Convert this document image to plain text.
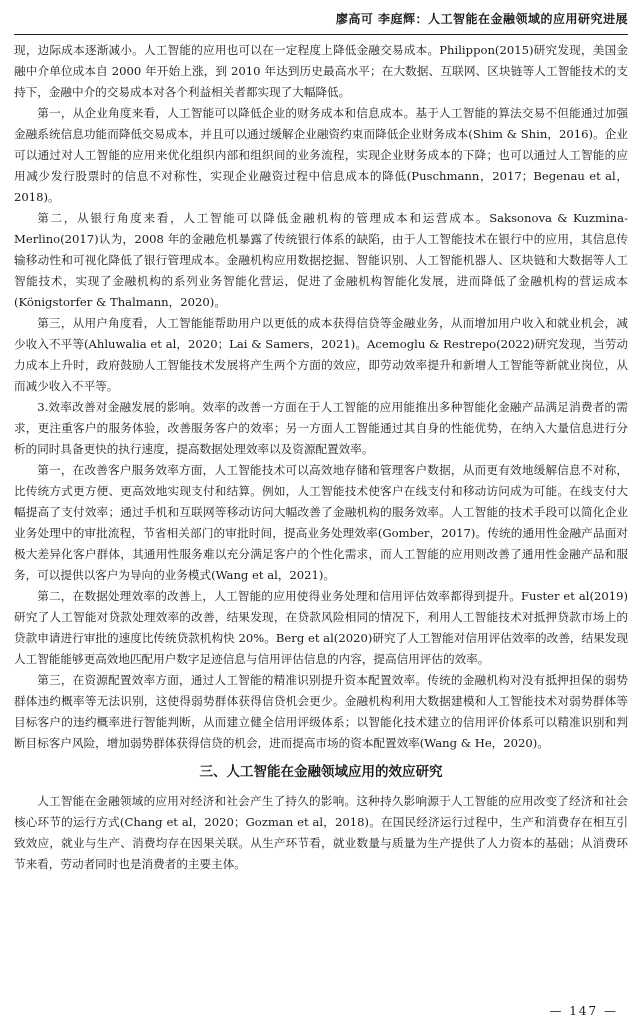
廖高可 李庭辉：人工智能在金融领域的应用研究进展

现，边际成本逐渐减小。人工智能的应用也可以在一定程度上降低金融交易成本。Philippon(2015)研究发现，美国金融中介单位成本自 2000 年开始上涨，到 2010 年达到历史最高水平；在大数据、互联网、区块链等人工智能技术的支持下，金融中介的交易成本对各个利益相关者都实现了大幅降低。

第一，从企业角度来看，人工智能可以降低企业的财务成本和信息成本。基于人工智能的算法交易不但能通过加强金融系统信息功能而降低交易成本，并且可以通过缓解企业融资约束而降低企业财务成本(Shim & Shin，2016)。企业可以通过对人工智能的应用来优化组织内部和组织间的业务流程，实现企业财务成本的下降；也可以通过人工智能的应用减少发行股票时的信息不对称性，实现企业融资过程中信息成本的降低(Puschmann，2017；Begenau et al，2018)。

第二，从银行角度来看，人工智能可以降低金融机构的管理成本和运营成本。Saksonova & Kuzmina-Merlino(2017)认为，2008 年的金融危机暴露了传统银行体系的缺陷，由于人工智能技术在银行中的应用，其信息传输移动性和可视化降低了银行管理成本。金融机构应用数据挖掘、智能识别、人工智能机器人、区块链和大数据等人工智能技术，实现了金融机构的系列业务智能化营运，促进了金融机构智能化发展，进而降低了金融机构的营运成本(Königstorfer & Thalmann，2020)。

第三，从用户角度看，人工智能能帮助用户以更低的成本获得信贷等金融业务，从而增加用户收入和就业机会，减少收入不平等(Ahluwalia et al，2020；Lai & Samers，2021)。Acemoglu & Restrepo(2022)研究发现，当劳动力成本上升时，政府鼓励人工智能技术发展将产生两个方面的效应，即劳动效率提升和新增人工智能等新就业岗位，从而减少收入不平等。

3.效率改善对金融发展的影响。效率的改善一方面在于人工智能的应用能推出多种智能化金融产品满足消费者的需求，更注重客户的服务体验，改善服务客户的效率；另一方面人工智能通过其自身的性能优势，在纳入大量信息进行分析的同时具备更快的执行速度，提高数据处理效率以及资源配置效率。

第一，在改善客户服务效率方面，人工智能技术可以高效地存储和管理客户数据，从而更有效地缓解信息不对称，比传统方式更方便、更高效地实现支付和结算。例如，人工智能技术使客户在线支付和移动访问成为可能。在线支付大幅提高了支付效率；通过手机和互联网等移动访问大幅改善了金融机构的服务效率。人工智能的技术手段可以简化企业业务处理中的审批流程，节省相关部门的审批时间，提高业务处理效率(Gomber，2017)。传统的通用性金融产品面对极大差异化客户群体，其通用性服务难以充分满足客户的个性化需求，而人工智能的应用则改善了通用性金融产品和服务，可以提供以客户为导向的业务模式(Wang et al，2021)。

第二，在数据处理效率的改善上，人工智能的应用使得业务处理和信用评估效率都得到提升。Fuster et al(2019)研究了人工智能对贷款处理效率的改善，结果发现，在贷款风险相同的情况下，利用人工智能技术对抵押贷款市场上的贷款申请进行审批的速度比传统贷款机构快 20%。Berg et al(2020)研究了人工智能对信用评估效率的改善，结果发现人工智能能够更高效地匹配用户数字足迹信息与信用评估信息的内容，提高信用评估的效率。

第三，在资源配置效率方面，通过人工智能的精准识别提升资本配置效率。传统的金融机构对没有抵押担保的弱势群体违约概率等无法识别，这使得弱势群体获得信贷机会更少。金融机构利用大数据建模和人工智能技术对弱势群体等目标客户的违约概率进行智能判断，从而建立健全信用评级体系；以智能化技术建立的信用评价体系可以精准识别和判断目标客户风险，增加弱势群体获得信贷的机会，进而提高市场的资本配置效率(Wang & He，2020)。

三、人工智能在金融领域应用的效应研究

人工智能在金融领域的应用对经济和社会产生了持久的影响。这种持久影响源于人工智能的应用改变了经济和社会核心环节的运行方式(Chang et al，2020；Gozman et al，2018)。在国民经济运行过程中，生产和消费存在相互引致效应，就业与生产、消费均存在因果关联。从生产环节看，就业数量与质量为生产提供了人力资本的基础；从消费环节来看，劳动者同时也是消费者的主要主体。

— 147 —
